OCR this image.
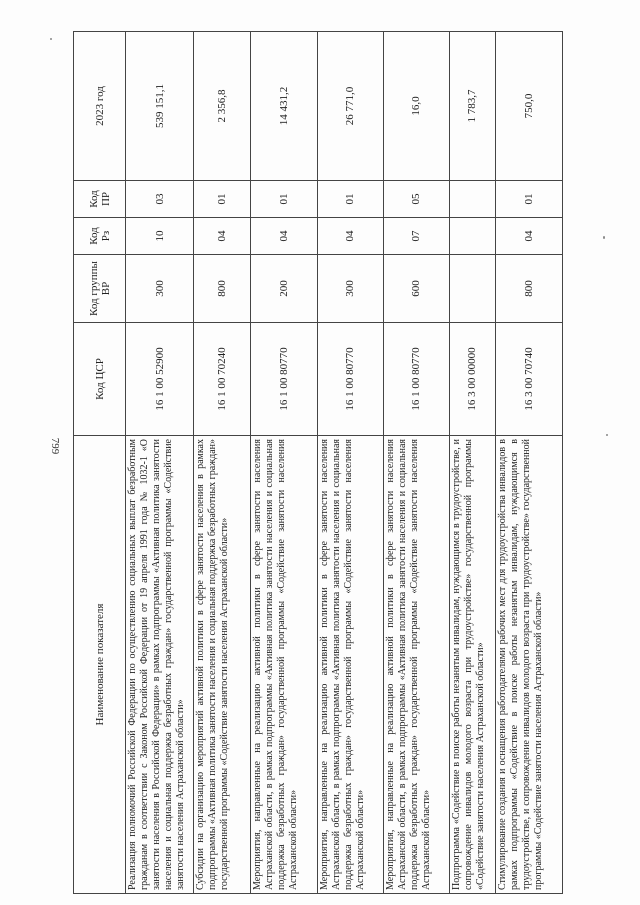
799
Наименование показателя	Код ЦСР	Код группы ВР	Код Рз	Код ПР	2023 год
Реализация полномочий Российской Федерации по осуществлению социальных выплат безработным гражданам в соответствии с Законом Российской Федерации от 19 апреля 1991 года № 1032-1 «О занятости населения в Российской Федерации» в рамках подпрограммы «Активная политика занятости населения и социальная поддержка безработных граждан» государственной программы «Содействие занятости населения Астраханской области»	16 1 00 52900	300	10	03	539 151,1
Субсидии на организацию мероприятий активной политики в сфере занятости населения в рамках подпрограммы «Активная политика занятости населения и социальная поддержка безработных граждан» государственной программы «Содействие занятости населения Астраханской области»	16 1 00 70240	800	04	01	2 356,8
Мероприятия, направленные на реализацию активной политики в сфере занятости населения Астраханской области, в рамках подпрограммы «Активная политика занятости населения и социальная поддержка безработных граждан» государственной программы «Содействие занятости населения Астраханской области»	16 1 00 80770	200	04	01	14 431,2
Мероприятия, направленные на реализацию активной политики в сфере занятости населения Астраханской области, в рамках подпрограммы «Активная политика занятости населения и социальная поддержка безработных граждан» государственной программы «Содействие занятости населения Астраханской области»	16 1 00 80770	300	04	01	26 771,0
Мероприятия, направленные на реализацию активной политики в сфере занятости населения Астраханской области, в рамках подпрограммы «Активная политика занятости населения и социальная поддержка безработных граждан» государственной программы «Содействие занятости населения Астраханской области»	16 1 00 80770	600	07	05	16,0
Подпрограмма «Содействие в поиске работы незанятым инвалидам, нуждающимся в трудоустройстве, и сопровождение инвалидов молодого возраста при трудоустройстве» государственной программы «Содействие занятости населения Астраханской области»	16 3 00 00000				1 783,7
Стимулирование создания и оснащения работодателями рабочих мест для трудоустройства инвалидов в рамках подпрограммы «Содействие в поиске работы незанятым инвалидам, нуждающимся в трудоустройстве, и сопровождение инвалидов молодого возраста при трудоустройстве» государственной программы «Содействие занятости населения Астраханской области»	16 3 00 70740	800	04	01	750,0
